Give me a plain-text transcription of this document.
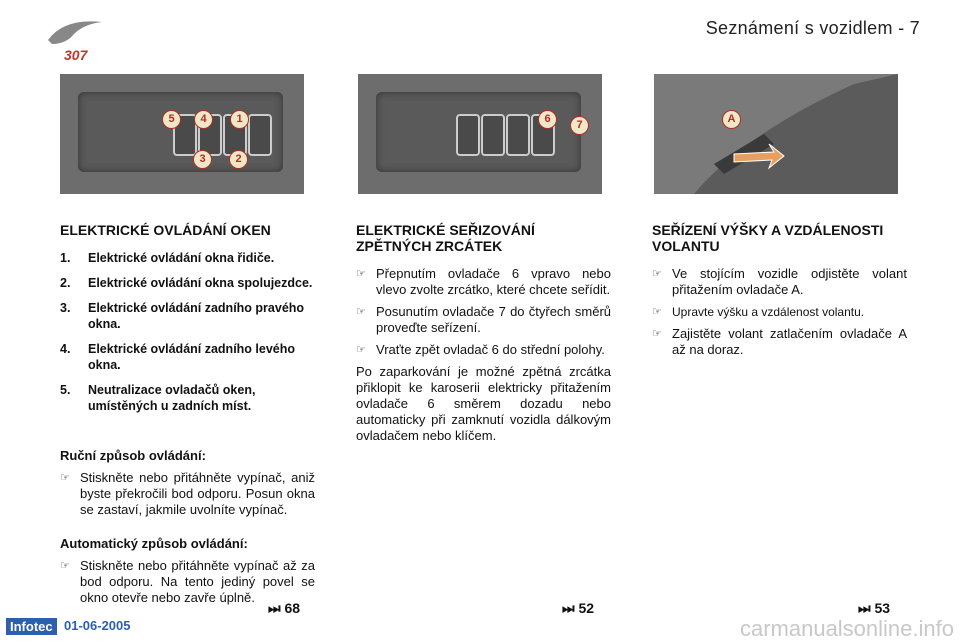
307
Seznámení s vozidlem - 7
5	4	1
3	2
6	7	A
ELEKTRICKÉ OVLÁDÁNÍ OKEN
1.	Elektrické ovládání okna řidiče.
2.	Elektrické ovládání okna spolujezdce.
3.	Elektrické ovládání zadního pravého okna.
4.	Elektrické ovládání zadního levého okna.
5.	Neutralizace ovladačů oken, umístěných u zadních míst.
Ruční způsob ovládání:
☞ Stiskněte nebo přitáhněte vypínač, aniž byste překročili bod odporu. Posun okna se zastaví, jakmile uvolníte vypínač.
Automatický způsob ovládání:
☞ Stiskněte nebo přitáhněte vypínač až za bod odporu. Na tento jediný povel se okno otevře nebo zavře úplně.
ELEKTRICKÉ SEŘIZOVÁNÍ ZPĚTNÝCH ZRCÁTEK
☞ Přepnutím ovladače 6 vpravo nebo vlevo zvolte zrcátko, které chcete seřídit.
☞ Posunutím ovladače 7 do čtyřech směrů proveďte seřízení.
☞ Vraťte zpět ovladač 6 do střední polohy.
Po zaparkování je možné zpětná zrcátka přiklopit ke karoserii elektricky přitažením ovladače 6 směrem dozadu nebo automaticky při zamknutí vozidla dálkovým ovladačem nebo klíčem.
SEŘÍZENÍ VÝŠKY A VZDÁLENOSTI VOLANTU
☞ Ve stojícím vozidle odjistěte volant přitažením ovladače A.
☞ Upravte výšku a vzdálenost volantu.
☞ Zajistěte volant zatlačením ovladače A až na doraz.
⏭ 68	⏭ 52	⏭ 53
Infotec 01-06-2005	carmanualsonline.info
